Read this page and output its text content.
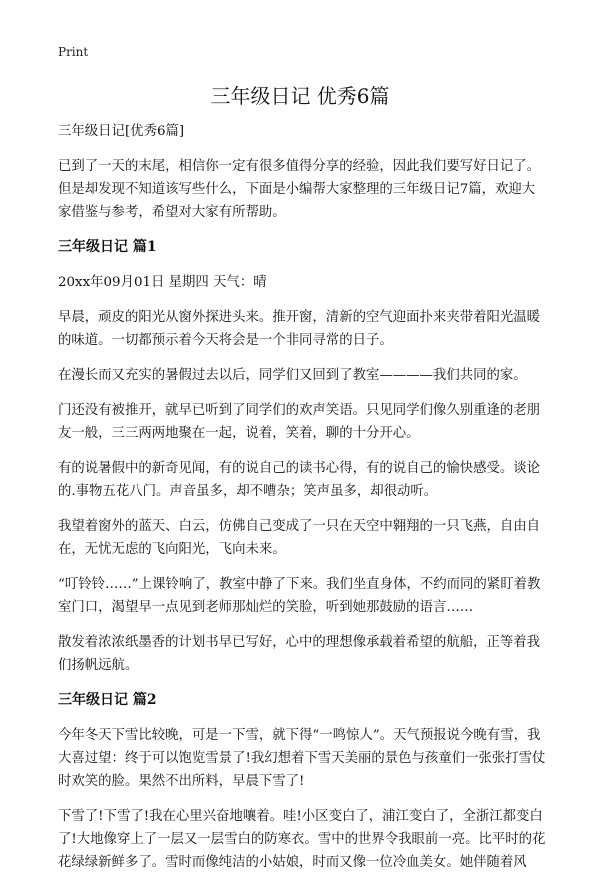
Print
三年级日记 优秀6篇

三年级日记[优秀6篇]

已到了一天的末尾，相信你一定有很多值得分享的经验，因此我们要写好日记了。但是却发现不知道该写些什么，下面是小编帮大家整理的三年级日记7篇，欢迎大家借鉴与参考，希望对大家有所帮助。

三年级日记 篇1

20xx年09月01日 星期四 天气：晴

早晨，顽皮的阳光从窗外探进头来。推开窗，清新的空气迎面扑来夹带着阳光温暖的味道。一切都预示着今天将会是一个非同寻常的日子。

在漫长而又充实的暑假过去以后，同学们又回到了教室————我们共同的家。

门还没有被推开，就早已听到了同学们的欢声笑语。只见同学们像久别重逢的老朋友一般，三三两两地聚在一起，说着，笑着，聊的十分开心。

有的说暑假中的新奇见闻，有的说自己的读书心得，有的说自己的愉快感受。谈论的.事物五花八门。声音虽多，却不嘈杂；笑声虽多，却很动听。

我望着窗外的蓝天、白云，仿佛自己变成了一只在天空中翱翔的一只飞燕，自由自在，无忧无虑的飞向阳光，飞向未来。

“叮铃铃……”上课铃响了，教室中静了下来。我们坐直身体，不约而同的紧盯着教室门口，渴望早一点见到老师那灿烂的笑脸，听到她那鼓励的语言……

散发着浓浓纸墨香的计划书早已写好，心中的理想像承载着希望的航船，正等着我们扬帆远航。

三年级日记 篇2

今年冬天下雪比较晚，可是一下雪，就下得“一鸣惊人”。天气预报说今晚有雪，我大喜过望：终于可以饱览雪景了!我幻想着下雪天美丽的景色与孩童们一张张打雪仗时欢笑的脸。果然不出所料，早晨下雪了!

下雪了!下雪了!我在心里兴奋地嚷着。哇!小区变白了，浦江变白了，全浙江都变白了!大地像穿上了一层又一层雪白的防寒衣。雪中的世界令我眼前一亮。比平时的花花绿绿新鲜多了。雪时而像纯洁的小姑娘，时而又像一位冷血美女。她伴随着风
